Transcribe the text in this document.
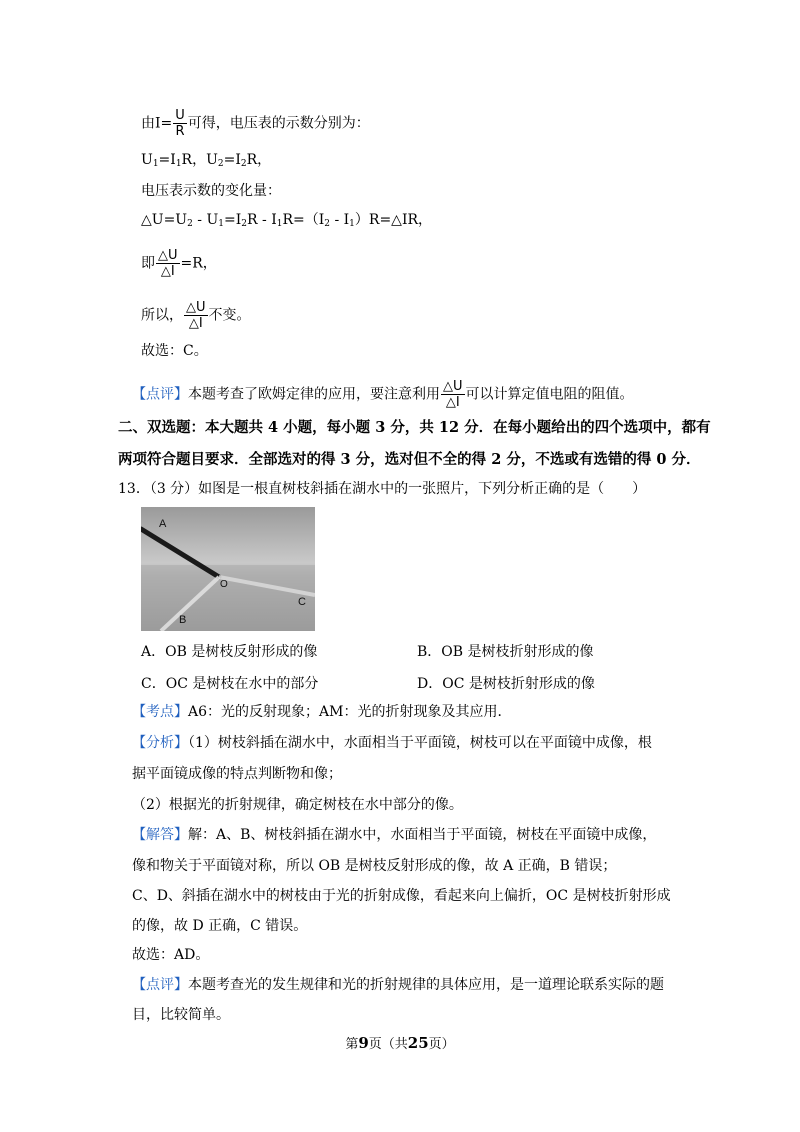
由$I= \frac{U}{R}$ 可得，电压表的示数分别为：
$U_1=I_1R$，$U_2=I_2R$，
电压表示数的变化量：
$\triangle U=U_2 - U_1=I_2R - I_1R=(I_2$ - $I_1)R=\triangle IR$，
即 $\frac{\triangle U}{\triangle I} =R$，
所以， $\frac{\triangle U}{\triangle I}$ 不变。
故选：C。
【点评】本题考查了欧姆定律的应用，要注意利用 $\frac{\triangle U}{\triangle I}$ 可以计算定值电阻的阻值。
二、双选题：本大题共 4 小题，每小题 3 分，共 12 分．在每小题给出的四个选项中，都有
两项符合题目要求．全部选对的得 3 分，选对但不全的得 2 分，不选或有选错的得 0 分．
13．（3 分）如图是一根直树枝斜插在湖水中的一张照片，下列分析正确的是（　　）
A
O
B
C
A．OB 是树枝反射形成的像	B．OB 是树枝折射形成的像
C．OC 是树枝在水中的部分	D．OC 是树枝折射形成的像
【考点】A6：光的反射现象；AM：光的折射现象及其应用．
【分析】（1）树枝斜插在湖水中，水面相当于平面镜，树枝可以在平面镜中成像，根
据平面镜成像的特点判断物和像；
（2）根据光的折射规律，确定树枝在水中部分的像。
【解答】解：A、B、树枝斜插在湖水中，水面相当于平面镜，树枝在平面镜中成像，
像和物关于平面镜对称，所以 OB 是树枝反射形成的像，故 A 正确，B 错误；
C、D、斜插在湖水中的树枝由于光的折射成像，看起来向上偏折，OC 是树枝折射形成
的像，故 D 正确，C 错误。
故选：AD。
【点评】本题考查光的发生规律和光的折射规律的具体应用，是一道理论联系实际的题
目，比较简单。
第9页（共25页）
